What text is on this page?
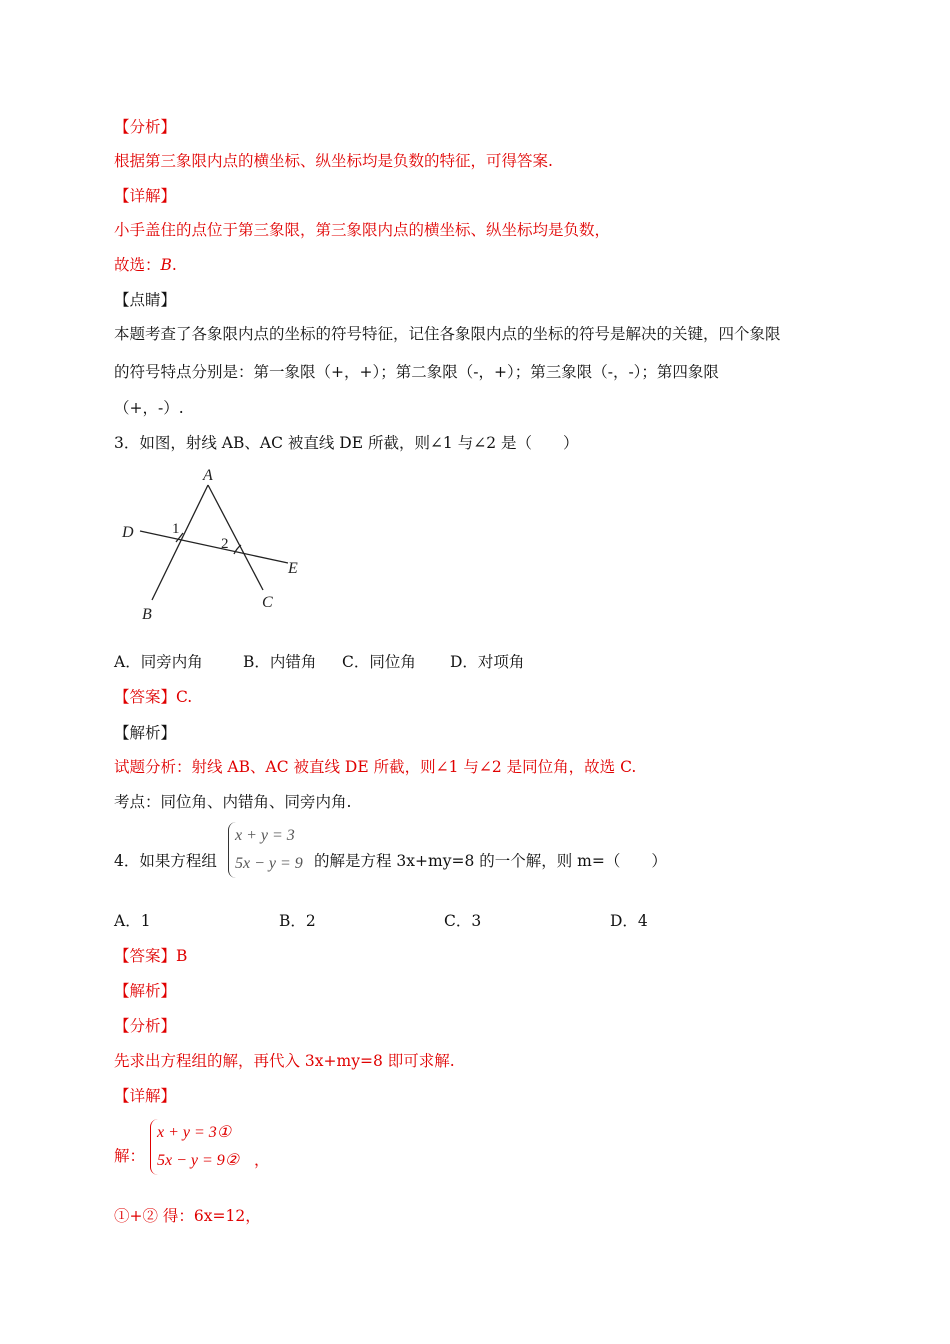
【分析】
根据第三象限内点的横坐标、纵坐标均是负数的特征，可得答案.
【详解】
小手盖住的点位于第三象限，第三象限内点的横坐标、纵坐标均是负数，
故选：B.
【点睛】
本题考查了各象限内点的坐标的符号特征，记住各象限内点的坐标的符号是解决的关键，四个象限
的符号特点分别是：第一象限（+，+）；第二象限（-，+）；第三象限（-，-）；第四象限
（+，-）.
3．如图，射线 AB、AC 被直线 DE 所截，则∠1 与∠2 是（　　）
A
D
E
B
C
1
2
A．同旁内角	B．内错角 C．同位角 D．对项角
【答案】C.
【解析】
试题分析：射线 AB、AC 被直线 DE 所截，则∠1 与∠2 是同位角，故选 C.
考点：同位角、内错角、同旁内角.
4．如果方程组
x + y = 3
5x − y = 9 的解是方程 3x+my=8 的一个解，则 m=（　　）
A．1	B．2	C．3	D．4
【答案】B
【解析】
【分析】
先求出方程组的解，再代入 3x+my=8 即可求解.
【详解】
解：
x + y = 3①
5x − y = 9② ，
①+② 得：6x=12，
